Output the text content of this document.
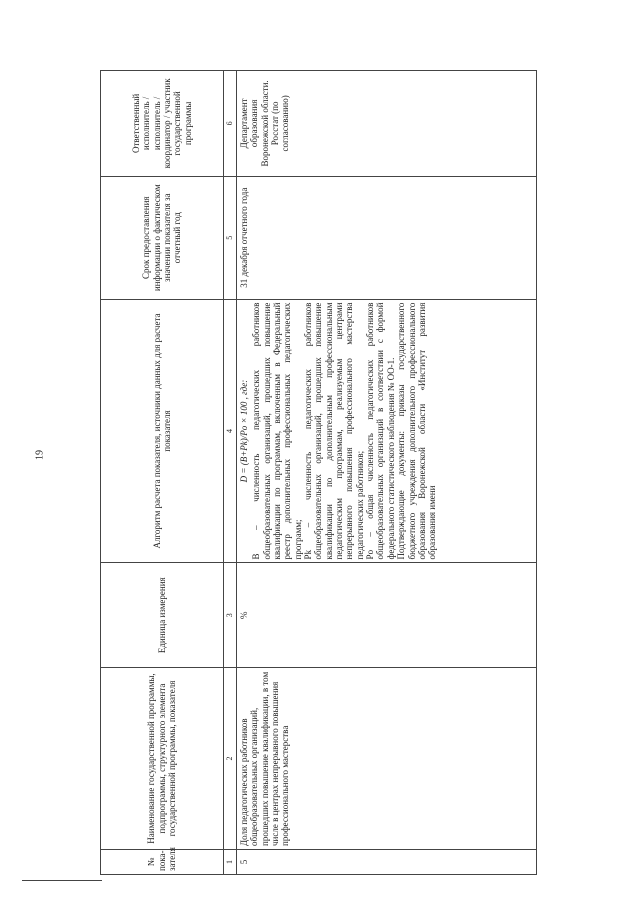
19
№ пока-зателя	Наименование государственной программы, подпрограммы, структурного элемента государственной программы, показателя	Единица измерения	Алгоритм расчета показателя, источники данных для расчета показателя	Срок предоставления информации о фактическом значении показателя за отчетный год	Ответственный исполнитель / исполнитель / координатор / участник государственной программы
1	2	3	4	5	6
5	Доля педагогических работников общеобразовательных организаций, прошедших повышение квалификации, в том числе в центрах непрерывного повышения профессионального мастерства	%	D = (B+Pk)/Po × 100 , где: B – численность педагогических работников общеобразовательных организаций, прошедших повышение квалификации по программам, включенным в Федеральный реестр дополнительных профессиональных педагогических программ; Pk – численность педагогических работников общеобразовательных организаций, прошедших повышение квалификации по дополнительным профессиональным педагогическим программам, реализуемым центрами непрерывного повышения профессионального мастерства педагогических работников; Po – общая численность педагогических работников общеобразовательных организаций в соответствии с формой федерального статистического наблюдения № ОО-1. Подтверждающие документы: приказы государственного бюджетного учреждения дополнительного профессионального образования Воронежской области «Институт развития образования имени	31 декабря отчетного года	Департамент образования Воронежской области. Росстат (по согласованию)
